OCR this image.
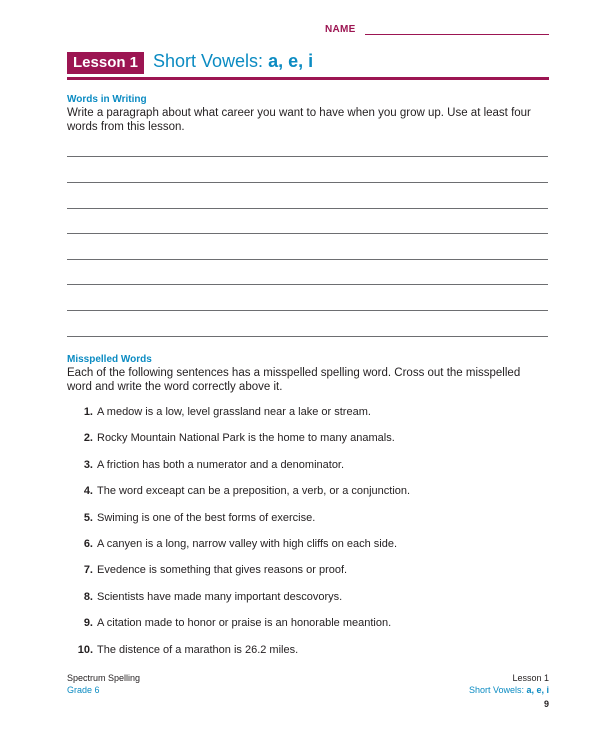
NAME
Lesson 1 Short Vowels: a, e, i
Words in Writing
Write a paragraph about what career you want to have when you grow up. Use at least four words from this lesson.
Misspelled Words
Each of the following sentences has a misspelled spelling word. Cross out the misspelled word and write the word correctly above it.
1. A medow is a low, level grassland near a lake or stream.
2. Rocky Mountain National Park is the home to many anamals.
3. A friction has both a numerator and a denominator.
4. The word exceapt can be a preposition, a verb, or a conjunction.
5. Swiming is one of the best forms of exercise.
6. A canyen is a long, narrow valley with high cliffs on each side.
7. Evedence is something that gives reasons or proof.
8. Scientists have made many important descovorys.
9. A citation made to honor or praise is an honorable meantion.
10. The distence of a marathon is 26.2 miles.
Spectrum Spelling
Grade 6
Lesson 1
Short Vowels: a, e, i
9
